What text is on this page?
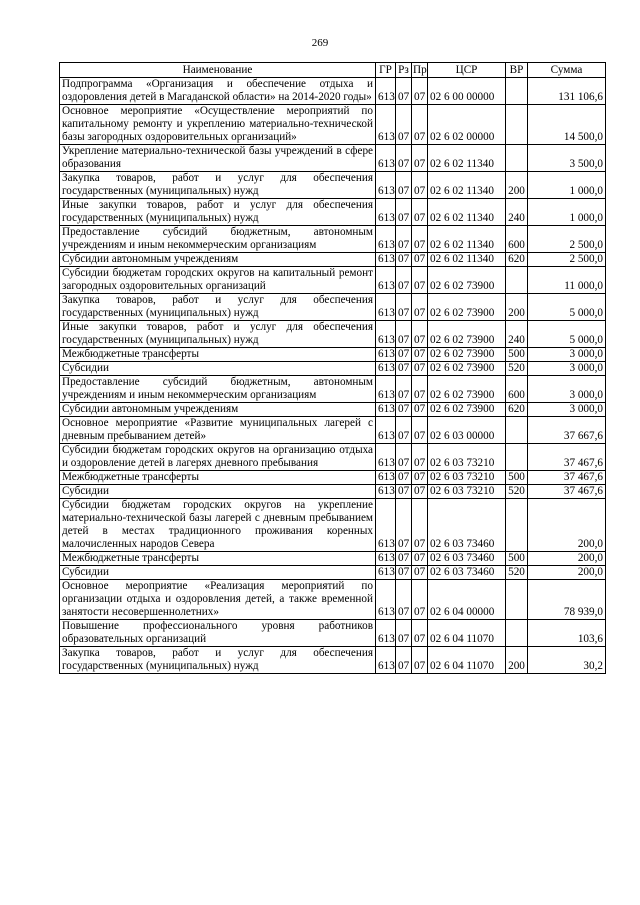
269
Наименование	ГР	Рз	Пр	ЦСР	ВР	Сумма
Подпрограмма «Организация и обеспечение отдыха и оздоровления детей в Магаданской области» на 2014-2020 годы»	613	07	07	02 6 00 00000		131 106,6
Основное мероприятие «Осуществление мероприятий по капитальному ремонту и укреплению материально-технической базы загородных оздоровительных организаций»	613	07	07	02 6 02 00000		14 500,0
Укрепление материально-технической базы учреждений в сфере образования	613	07	07	02 6 02 11340		3 500,0
Закупка товаров, работ и услуг для обеспечения государственных (муниципальных) нужд	613	07	07	02 6 02 11340	200	1 000,0
Иные закупки товаров, работ и услуг для обеспечения государственных (муниципальных) нужд	613	07	07	02 6 02 11340	240	1 000,0
Предоставление субсидий бюджетным, автономным учреждениям и иным некоммерческим организациям	613	07	07	02 6 02 11340	600	2 500,0
Субсидии автономным учреждениям	613	07	07	02 6 02 11340	620	2 500,0
Субсидии бюджетам городских округов на капитальный ремонт загородных оздоровительных организаций	613	07	07	02 6 02 73900		11 000,0
Закупка товаров, работ и услуг для обеспечения государственных (муниципальных) нужд	613	07	07	02 6 02 73900	200	5 000,0
Иные закупки товаров, работ и услуг для обеспечения государственных (муниципальных) нужд	613	07	07	02 6 02 73900	240	5 000,0
Межбюджетные трансферты	613	07	07	02 6 02 73900	500	3 000,0
Субсидии	613	07	07	02 6 02 73900	520	3 000,0
Предоставление субсидий бюджетным, автономным учреждениям и иным некоммерческим организациям	613	07	07	02 6 02 73900	600	3 000,0
Субсидии автономным учреждениям	613	07	07	02 6 02 73900	620	3 000,0
Основное мероприятие «Развитие муниципальных лагерей с дневным пребыванием детей»	613	07	07	02 6 03 00000		37 667,6
Субсидии бюджетам городских округов на организацию отдыха и оздоровление детей в лагерях дневного пребывания	613	07	07	02 6 03 73210		37 467,6
Межбюджетные трансферты	613	07	07	02 6 03 73210	500	37 467,6
Субсидии	613	07	07	02 6 03 73210	520	37 467,6
Субсидии бюджетам городских округов на укрепление материально-технической базы лагерей с дневным пребыванием детей в местах традиционного проживания коренных малочисленных народов Севера	613	07	07	02 6 03 73460		200,0
Межбюджетные трансферты	613	07	07	02 6 03 73460	500	200,0
Субсидии	613	07	07	02 6 03 73460	520	200,0
Основное мероприятие «Реализация мероприятий по организации отдыха и оздоровления детей, а также временной занятости несовершеннолетних»	613	07	07	02 6 04 00000		78 939,0
Повышение профессионального уровня работников образовательных организаций	613	07	07	02 6 04 11070		103,6
Закупка товаров, работ и услуг для обеспечения государственных (муниципальных) нужд	613	07	07	02 6 04 11070	200	30,2
